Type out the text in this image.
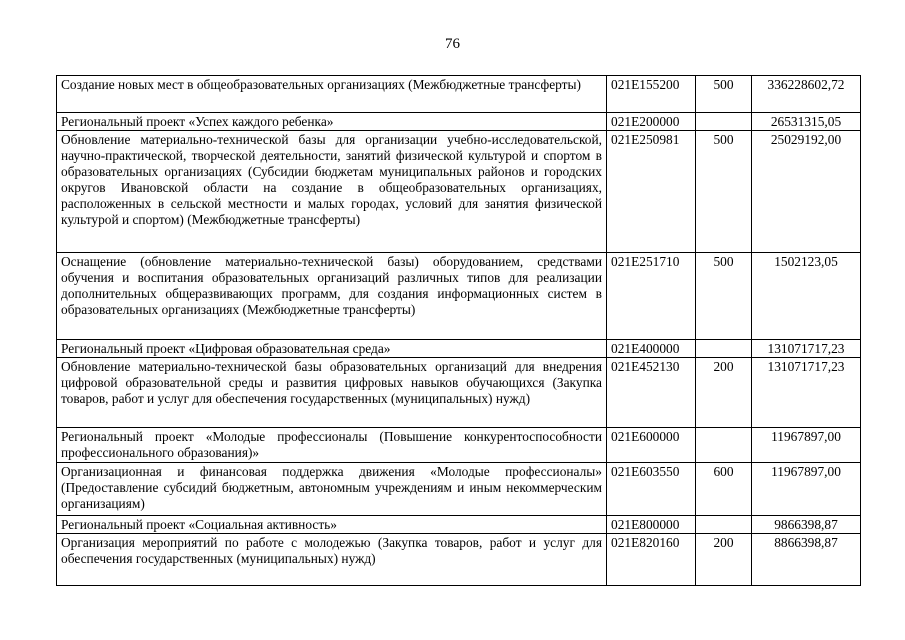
76
Создание новых мест в общеобразовательных организациях (Межбюджетные трансферты)	021E155200	500	336228602,72
Региональный проект «Успех каждого ребенка»	021E200000		26531315,05
Обновление материально-технической базы для организации учебно-исследовательской, научно-практической, творческой деятельности, занятий физической культурой и спортом в образовательных организациях (Субсидии бюджетам муниципальных районов и городских округов Ивановской области на создание в общеобразовательных организациях, расположенных в сельской местности и малых городах, условий для занятия физической культурой и спортом) (Межбюджетные трансферты)	021E250981	500	25029192,00
Оснащение (обновление материально-технической базы) оборудованием, средствами обучения и воспитания образовательных организаций различных типов для реализации дополнительных общеразвивающих программ, для создания информационных систем в образовательных организациях (Межбюджетные трансферты)	021E251710	500	1502123,05
Региональный проект «Цифровая образовательная среда»	021E400000		131071717,23
Обновление материально-технической базы образовательных организаций для внедрения цифровой образовательной среды и развития цифровых навыков обучающихся (Закупка товаров, работ и услуг для обеспечения государственных (муниципальных) нужд)	021E452130	200	131071717,23
Региональный проект «Молодые профессионалы (Повышение конкурентоспособности профессионального образования)»	021E600000		11967897,00
Организационная и финансовая поддержка движения «Молодые профессионалы» (Предоставление субсидий бюджетным, автономным учреждениям и иным некоммерческим организациям)	021E603550	600	11967897,00
Региональный проект «Социальная активность»	021E800000		9866398,87
Организация мероприятий по работе с молодежью (Закупка товаров, работ и услуг для обеспечения государственных (муниципальных) нужд)	021E820160	200	8866398,87
